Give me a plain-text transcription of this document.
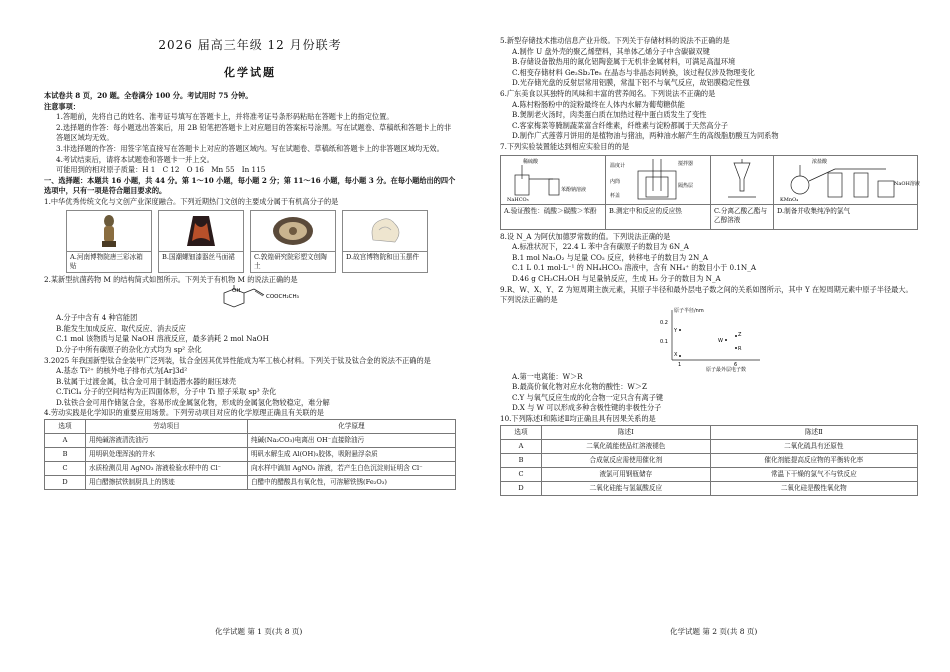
2026 届高三年级 12 月份联考

化学试题

本试卷共 8 页，20 题。全卷满分 100 分。考试用时 75 分钟。

注意事项：

1.答题前，先将自己的姓名、准考证号填写在答题卡上，并将准考证号条形码粘贴在答题卡上的指定位置。

2.选择题的作答：每小题选出答案后，用 2B 铅笔把答题卡上对应题目的答案标号涂黑。写在试题卷、草稿纸和答题卡上的非答题区域均无效。

3.非选择题的作答：用签字笔直接写在答题卡上对应的答题区域内。写在试题卷、草稿纸和答题卡上的非答题区域均无效。

4.考试结束后，请将本试题卷和答题卡一并上交。

可能用到的相对原子质量：H 1　C 12　O 16　Mn 55　In 115

一、选择题：本题共 16 小题，共 44 分。第 1～10 小题，每小题 2 分；第 11～16 小题，每小题 3 分。在每小题给出的四个选项中，只有一项是符合题目要求的。

1.中华优秀传统文化与文创产业深度融合。下列近期热门文创的主要成分属于有机高分子的是

A.河南博物院唐三彩冰箱贴
B.国潮螺钿漆器丝马面裙	C.敦煌研究院彩塑文创陶土
D.故宫博物院和田玉摆件

2.某新型抗菌药物 M 的结构简式如图所示。下列关于有机物 M 的说法正确的是

OH
COOCH₂CH₃

A.分子中含有 4 种官能团

B.能发生加成反应、取代反应、消去反应

C.1 mol 该物质与足量 NaOH 溶液反应，最多消耗 2 mol NaOH

D.分子中所有碳原子的杂化方式均为 sp² 杂化

3.2025 年我国新型钛合金装甲广泛列装，钛合金因其优异性能成为军工核心材料。下列关于钛及钛合金的说法不正确的是

A.基态 Ti²⁺ 的核外电子排布式为[Ar]3d²

B.钛属于过渡金属，钛合金可用于制造潜水器的耐压球壳

C.TiCl₄ 分子的空间结构为正四面体形，分子中 Ti 原子采取 sp³ 杂化

D.钛铁合金可用作储氢合金，容易形成金属氢化物，形成的金属氢化物较稳定，难分解

4.劳动实践是化学知识的重要应用场景。下列劳动项目对应的化学原理正确且有关联的是

选项	劳动项目	化学原理
A	用纯碱溶液清洗油污	纯碱(Na₂CO₃)电离出 OH⁻直接除油污
B	用明矾处理浑浊的井水	明矾水解生成 Al(OH)₃胶体，吸附悬浮杂质
C	水质检测员用 AgNO₃ 溶液检验水样中的 Cl⁻	向水样中滴加 AgNO₃ 溶液，若产生白色沉淀则证明含 Cl⁻
D	用白醋擦拭铁制厨具上的锈迹	白醋中的醋酸具有氧化性，可溶解铁锈(Fe₂O₃)
化学试题 第 1 页(共 8 页)

5.新型存储技术推动信息产业升级。下列关于存储材料的说法不正确的是

A.制作 U 盘外壳的聚乙烯塑料，其单体乙烯分子中含碳碳双键

B.存储设备散热用的氮化铝陶瓷属于无机非金属材料，可满足高温环境

C.相变存储材料 Ge₂Sb₂Te₅ 在晶态与非晶态间转换，该过程仅涉及物理变化

D.光存储光盘的反射层常用铝膜，常温下铝不与氧气反应，故铝膜稳定性强

6.广东美食以其独特的风味和丰富的营养闻名。下列说法不正确的是

A.陈村粉肠粉中的淀粉最终在人体内水解为葡萄糖供能

B.煲制老火汤时，肉类蛋白质在加热过程中蛋白质发生了变性

C.客家梅菜等腌制蔬菜富含纤维素，纤维素与淀粉都属于天然高分子

D.制作广式莲蓉月饼用的是植物油与猪油，两种油水解产生的高级脂肪酸互为同系物

7.下列实验装置能达到相应实验目的的是

稀硫酸
NaHCO₃
苯酚钠溶液
A.验证酸性：硫酸＞碳酸＞苯酚
温度计	搅拌器
内筒
隔热层
杯盖
B.测定中和反应的反应热	C.分离乙酸乙酯与乙醇溶液
浓盐酸
KMnO₄
NaOH溶液
D.制备并收集纯净的氯气

8.设 N_A 为阿伏加德罗常数的值。下列说法正确的是

A.标准状况下，22.4 L 苯中含有碳原子的数目为 6N_A

B.1 mol Na₂O₂ 与足量 CO₂ 反应，转移电子的数目为 2N_A

C.1 L 0.1 mol·L⁻¹ 的 NH₄HCO₃ 溶液中，含有 NH₄⁺ 的数目小于 0.1N_A

D.46 g CH₃CH₂OH 与足量钠反应，生成 H₂ 分子的数目为 N_A

9.R、W、X、Y、Z 为短周期主族元素，其原子半径和最外层电子数之间的关系如图所示，其中 Y 在短周期元素中原子半径最大。下列说法正确的是

原子半径/nm
0.2
0.1
1	6
原子最外层电子数
Y
R
W
Z
X

A.第一电离能：W＞R

B.最高价氧化物对应水化物的酸性：W＞Z

C.Y 与氧气反应生成的化合物一定只含有离子键

D.X 与 W 可以形成多种含极性键的非极性分子

10.下列陈述Ⅰ和陈述Ⅱ均正确且具有因果关系的是

选项	陈述Ⅰ	陈述Ⅱ
A	二氧化硫能使品红溶液褪色	二氧化硫具有还原性
B	合成氨反应需使用催化剂	催化剂能提高反应物的平衡转化率
C	液氯可用钢瓶储存	常温下干燥的氯气不与铁反应
D	二氧化硅能与氢氟酸反应	二氧化硅是酸性氧化物
化学试题 第 2 页(共 8 页)
